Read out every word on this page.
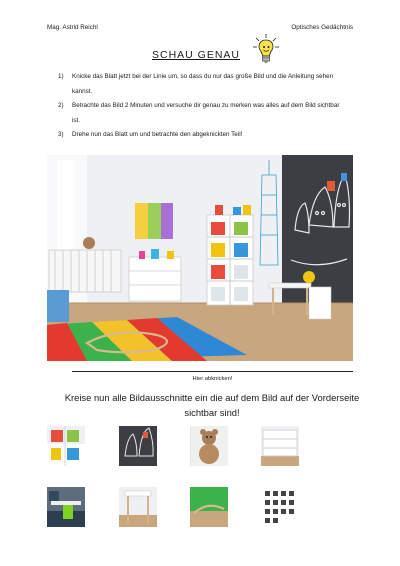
Mag. Astrid Reichl	Optisches Gedächtnis
SCHAU GENAU
1)	Knicke das Blatt jetzt bei der Linie um, so dass du nur das große Bild und die Anleitung sehen kannst.
2)	Betrachte das Bild 2 Minuten und versuche dir genau zu merken was alles auf dem Bild sichtbar ist.
3)	Drehe nun das Blatt um und betrachte den abgeknickten Teil!
Hier abknicken!
Kreise nun alle Bildausschnitte ein die auf dem Bild auf der Vorderseite sichtbar sind!
